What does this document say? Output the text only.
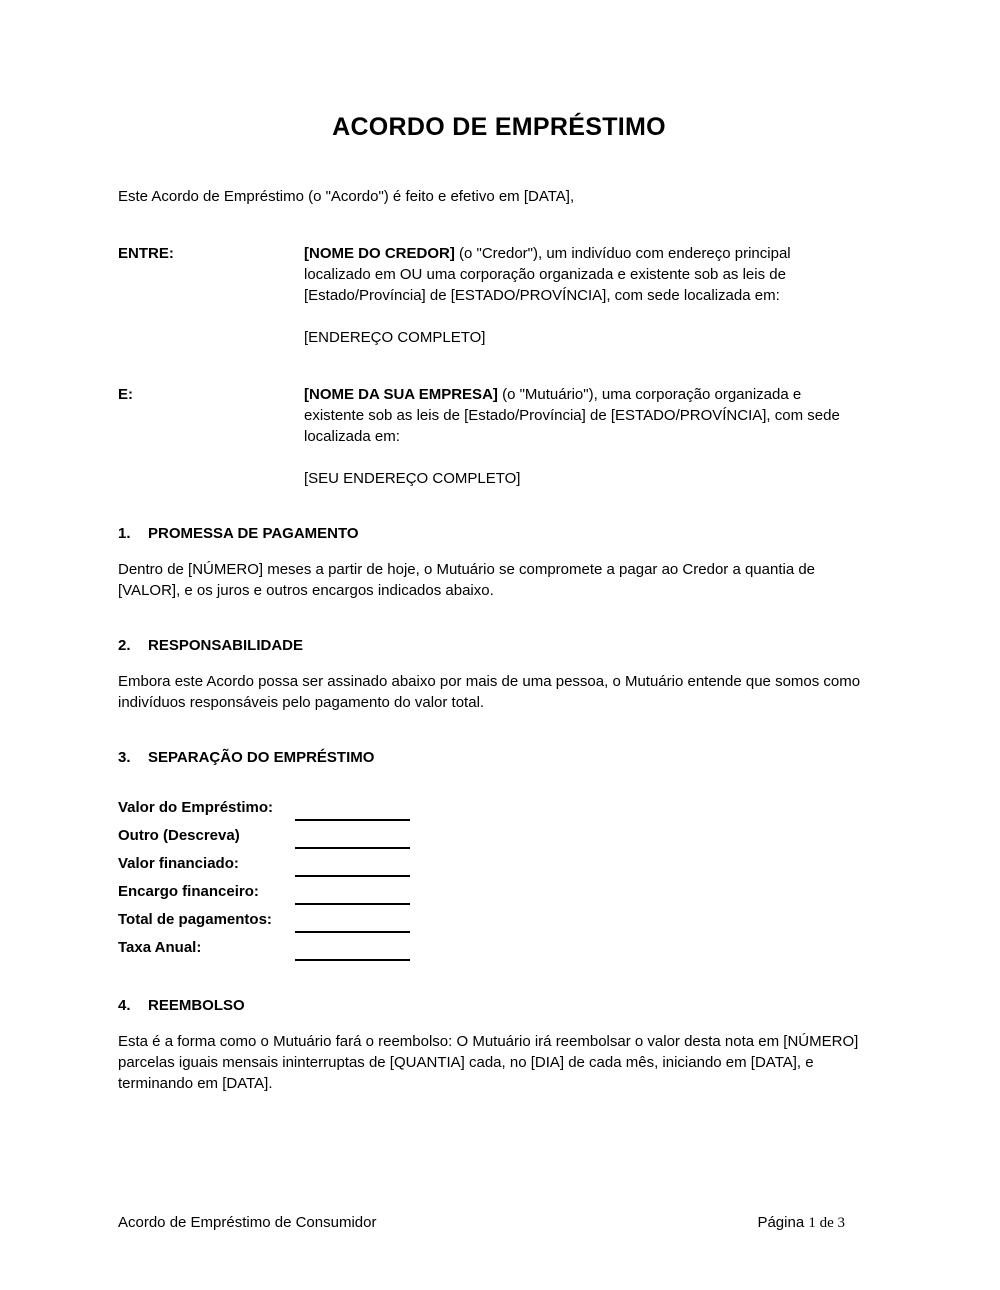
ACORDO DE EMPRÉSTIMO

Este Acordo de Empréstimo (o "Acordo") é feito e efetivo em [DATA],

ENTRE:	[NOME DO CREDOR] (o "Credor"), um indivíduo com endereço principal localizado em OU uma corporação organizada e existente sob as leis de [Estado/Província] de [ESTADO/PROVÍNCIA], com sede localizada em:

[ENDEREÇO COMPLETO]

E:	[NOME DA SUA EMPRESA] (o "Mutuário"), uma corporação organizada e existente sob as leis de [Estado/Província] de [ESTADO/PROVÍNCIA], com sede localizada em:

[SEU ENDEREÇO COMPLETO]

1.	PROMESSA DE PAGAMENTO

Dentro de [NÚMERO] meses a partir de hoje, o Mutuário se compromete a pagar ao Credor a quantia de [VALOR], e os juros e outros encargos indicados abaixo.

2.	RESPONSABILIDADE

Embora este Acordo possa ser assinado abaixo por mais de uma pessoa, o Mutuário entende que somos como indivíduos responsáveis pelo pagamento do valor total.

3.	SEPARAÇÃO DO EMPRÉSTIMO
Valor do Empréstimo:
Outro (Descreva)
Valor financiado:
Encargo financeiro:
Total de pagamentos:
Taxa Anual:
4.	REEMBOLSO

Esta é a forma como o Mutuário fará o reembolso: O Mutuário irá reembolsar o valor desta nota em [NÚMERO] parcelas iguais mensais ininterruptas de [QUANTIA] cada, no [DIA] de cada mês, iniciando em [DATA], e terminando em [DATA].

Acordo de Empréstimo de Consumidor	Página 1 de 3
